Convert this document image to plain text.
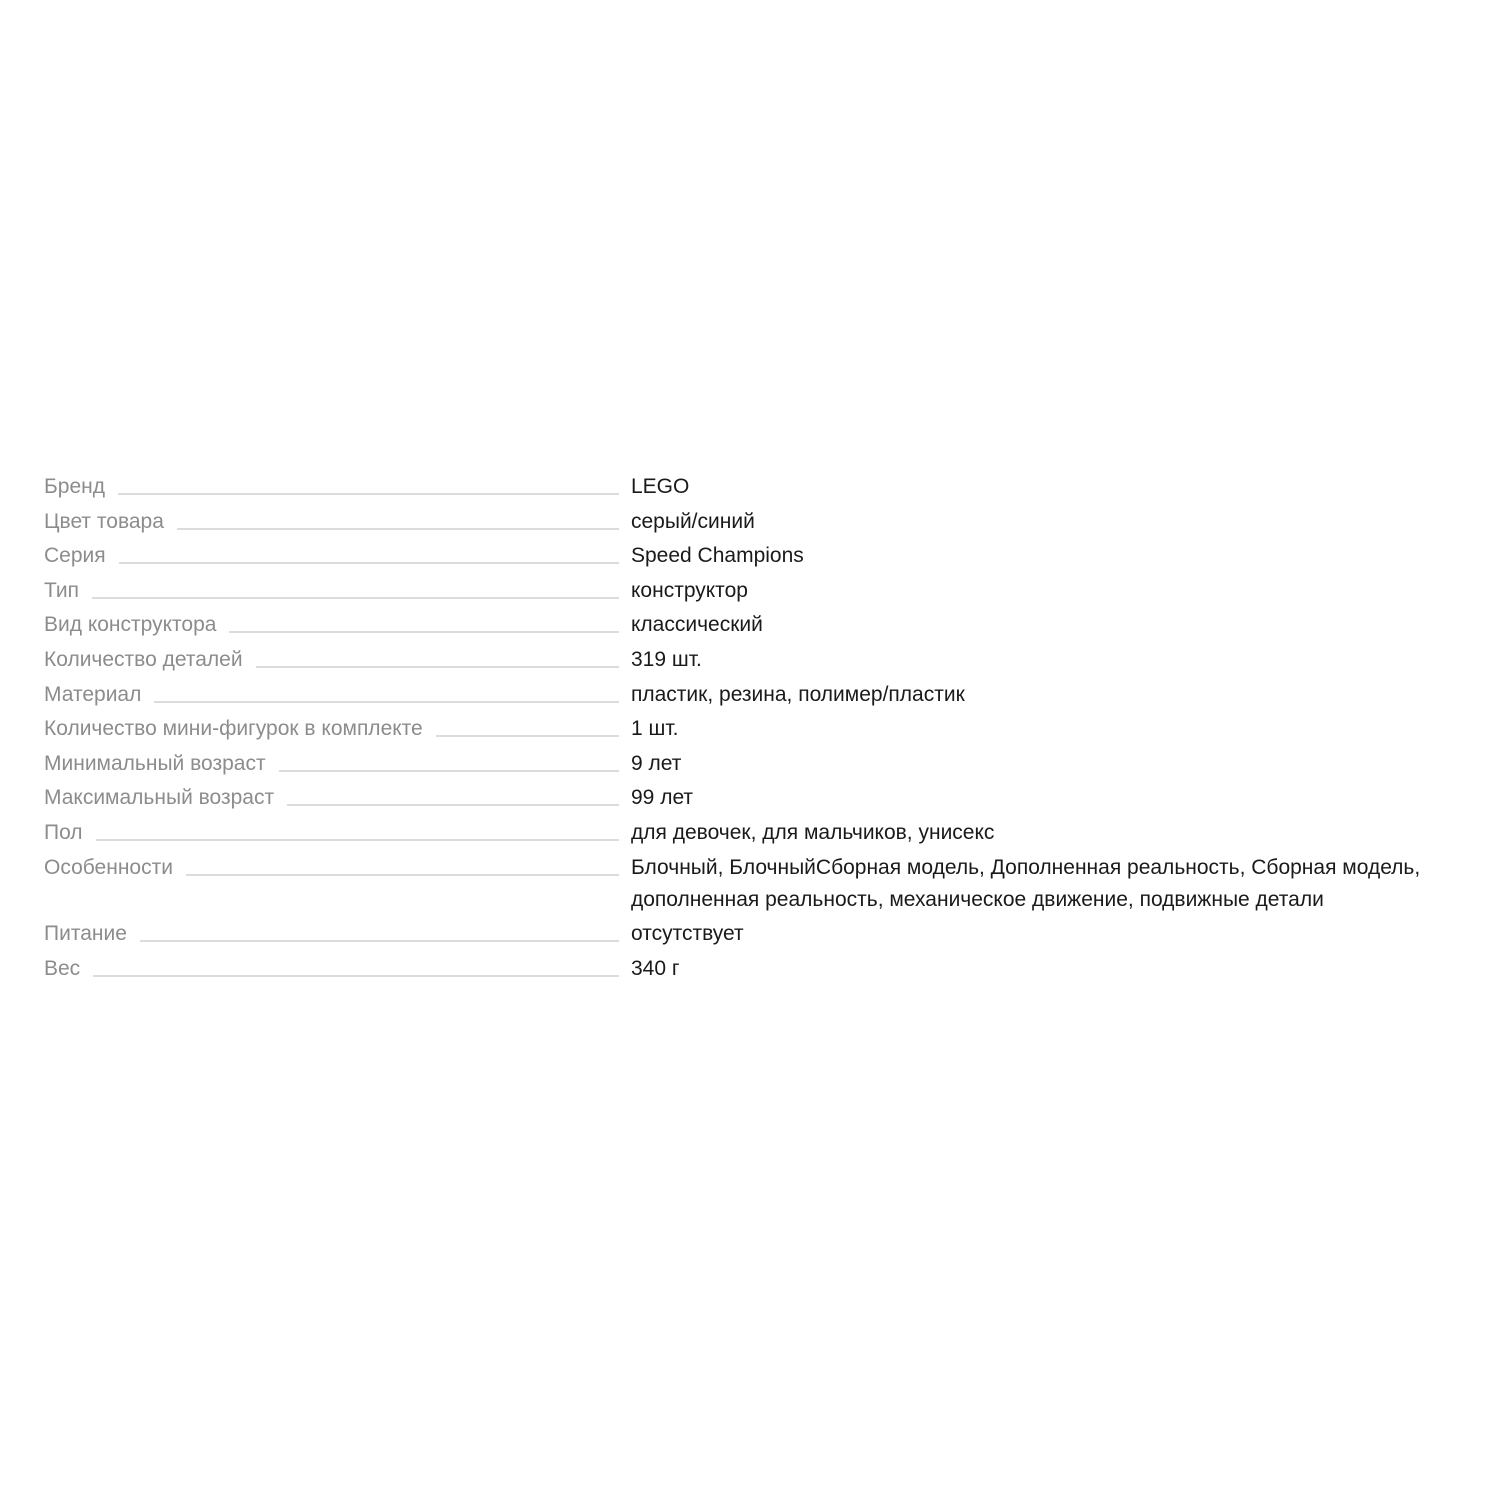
Бренд	LEGO
Цвет товара	серый/синий
Серия	Speed Champions
Тип	конструктор
Вид конструктора	классический
Количество деталей	319 шт.
Материал	пластик, резина, полимер/пластик
Количество мини-фигурок в комплекте	1 шт.
Минимальный возраст	9 лет
Максимальный возраст	99 лет
Пол	для девочек, для мальчиков, унисекс
Особенности	Блочный, БлочныйСборная модель, Дополненная реальность, Сборная модель, дополненная реальность, механическое движение, подвижные детали
Питание	отсутствует
Вес	340 г
